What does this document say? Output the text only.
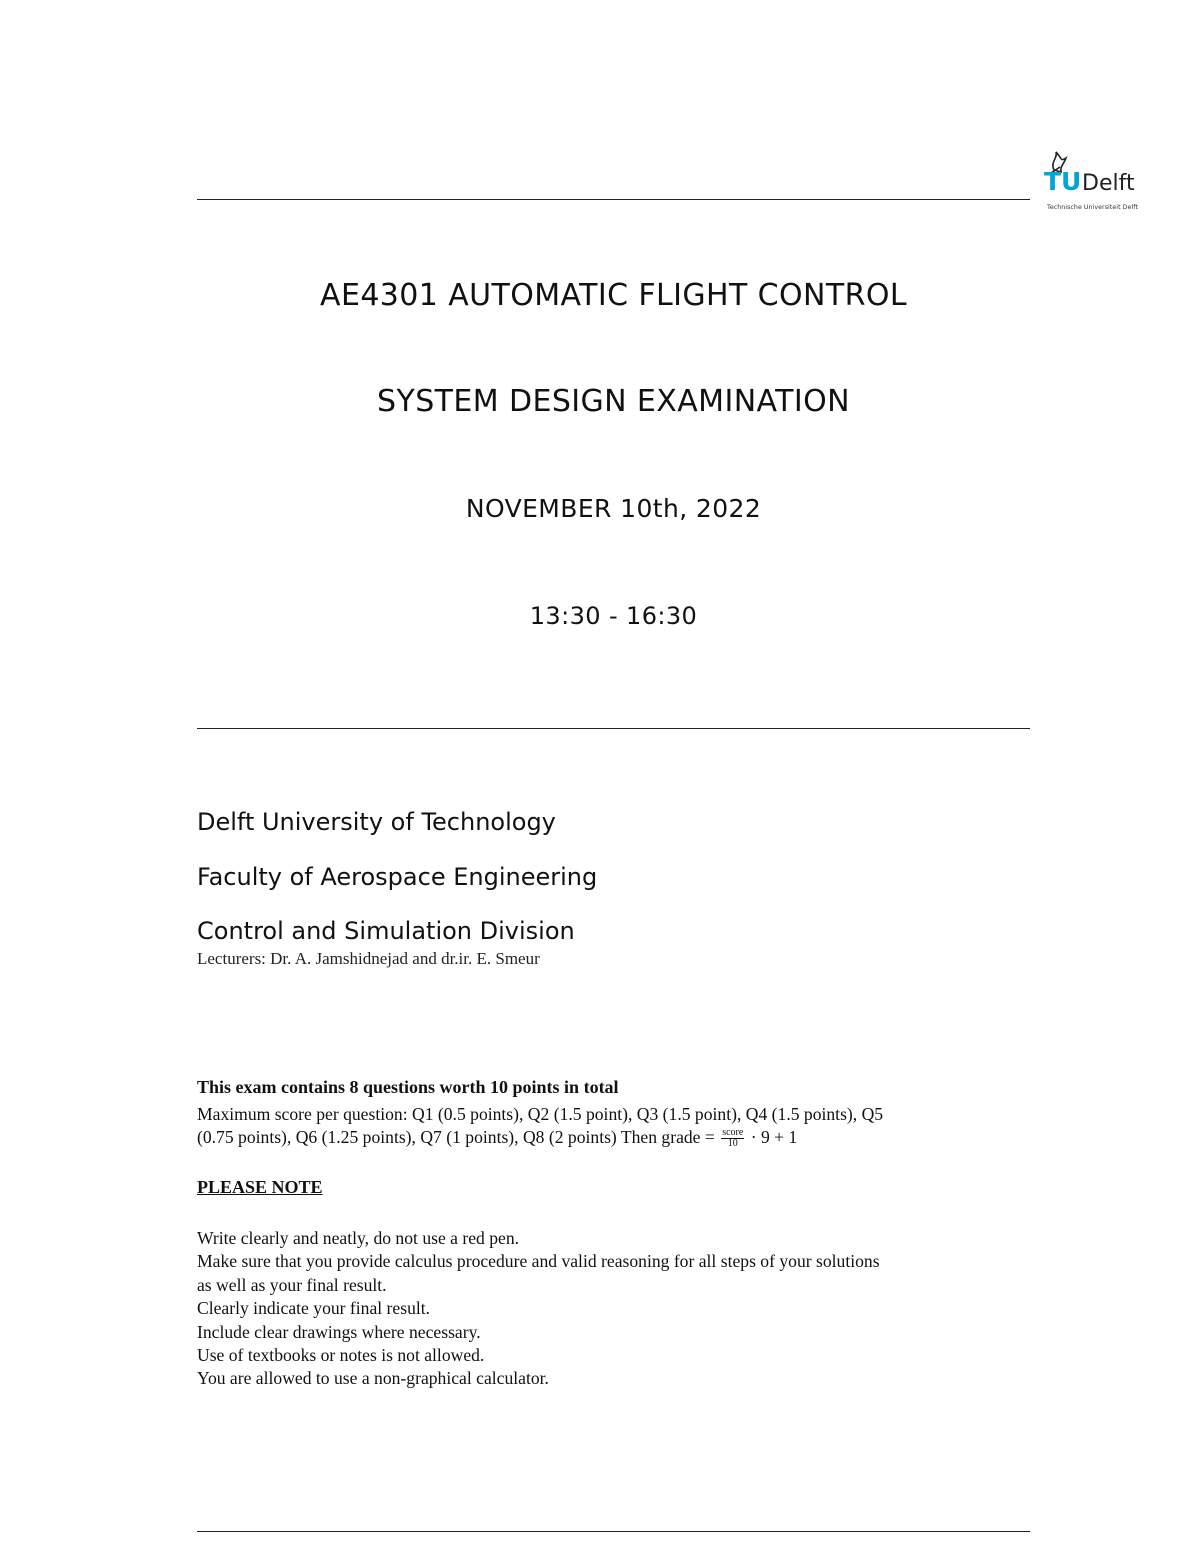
TU Delft
Technische Universiteit Delft
AE4301 AUTOMATIC FLIGHT CONTROL
SYSTEM DESIGN EXAMINATION
NOVEMBER 10th, 2022
13:30 - 16:30
Delft University of Technology
Faculty of Aerospace Engineering
Control and Simulation Division
Lecturers: Dr. A. Jamshidnejad and dr.ir. E. Smeur
This exam contains 8 questions worth 10 points in total
Maximum score per question: Q1 (0.5 points), Q2 (1.5 point), Q3 (1.5 point), Q4 (1.5 points), Q5
(0.75 points), Q6 (1.25 points), Q7 (1 points), Q8 (2 points) Then grade = $\frac{\text{score}}{10} \cdot 9 + 1$
PLEASE NOTE
Write clearly and neatly, do not use a red pen.
Make sure that you provide calculus procedure and valid reasoning for all steps of your solutions
as well as your final result.
Clearly indicate your final result.
Include clear drawings where necessary.
Use of textbooks or notes is not allowed.
You are allowed to use a non-graphical calculator.
